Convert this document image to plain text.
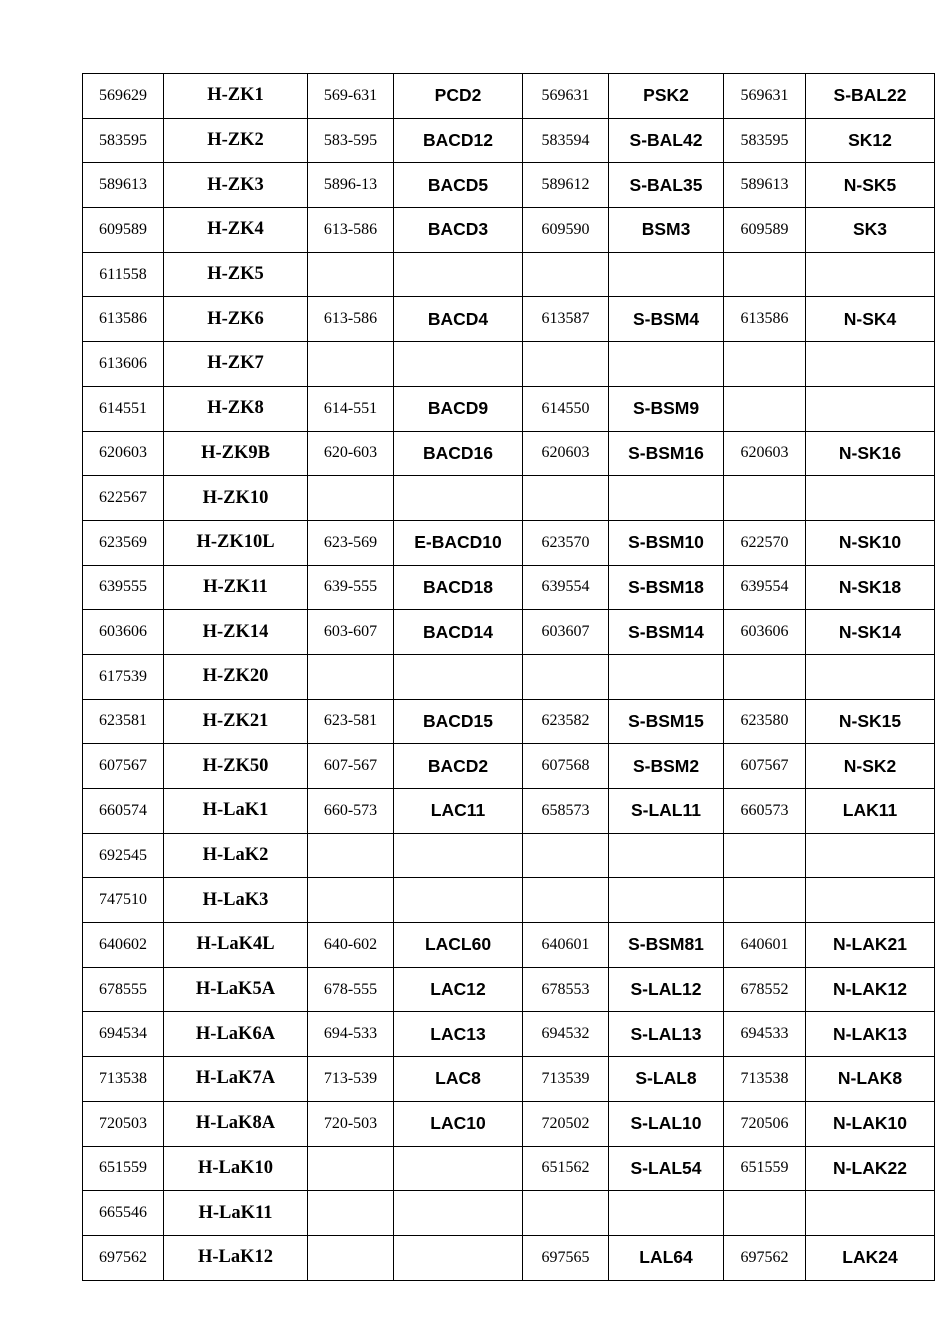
569629	H-ZK1	569-631	PCD2	569631	PSK2	569631	S-BAL22
583595	H-ZK2	583-595	BACD12	583594	S-BAL42	583595	SK12
589613	H-ZK3	5896-13	BACD5	589612	S-BAL35	589613	N-SK5
609589	H-ZK4	613-586	BACD3	609590	BSM3	609589	SK3
611558	H-ZK5						
613586	H-ZK6	613-586	BACD4	613587	S-BSM4	613586	N-SK4
613606	H-ZK7						
614551	H-ZK8	614-551	BACD9	614550	S-BSM9		
620603	H-ZK9B	620-603	BACD16	620603	S-BSM16	620603	N-SK16
622567	H-ZK10						
623569	H-ZK10L	623-569	E-BACD10	623570	S-BSM10	622570	N-SK10
639555	H-ZK11	639-555	BACD18	639554	S-BSM18	639554	N-SK18
603606	H-ZK14	603-607	BACD14	603607	S-BSM14	603606	N-SK14
617539	H-ZK20						
623581	H-ZK21	623-581	BACD15	623582	S-BSM15	623580	N-SK15
607567	H-ZK50	607-567	BACD2	607568	S-BSM2	607567	N-SK2
660574	H-LaK1	660-573	LAC11	658573	S-LAL11	660573	LAK11
692545	H-LaK2						
747510	H-LaK3						
640602	H-LaK4L	640-602	LACL60	640601	S-BSM81	640601	N-LAK21
678555	H-LaK5A	678-555	LAC12	678553	S-LAL12	678552	N-LAK12
694534	H-LaK6A	694-533	LAC13	694532	S-LAL13	694533	N-LAK13
713538	H-LaK7A	713-539	LAC8	713539	S-LAL8	713538	N-LAK8
720503	H-LaK8A	720-503	LAC10	720502	S-LAL10	720506	N-LAK10
651559	H-LaK10			651562	S-LAL54	651559	N-LAK22
665546	H-LaK11						
697562	H-LaK12			697565	LAL64	697562	LAK24
